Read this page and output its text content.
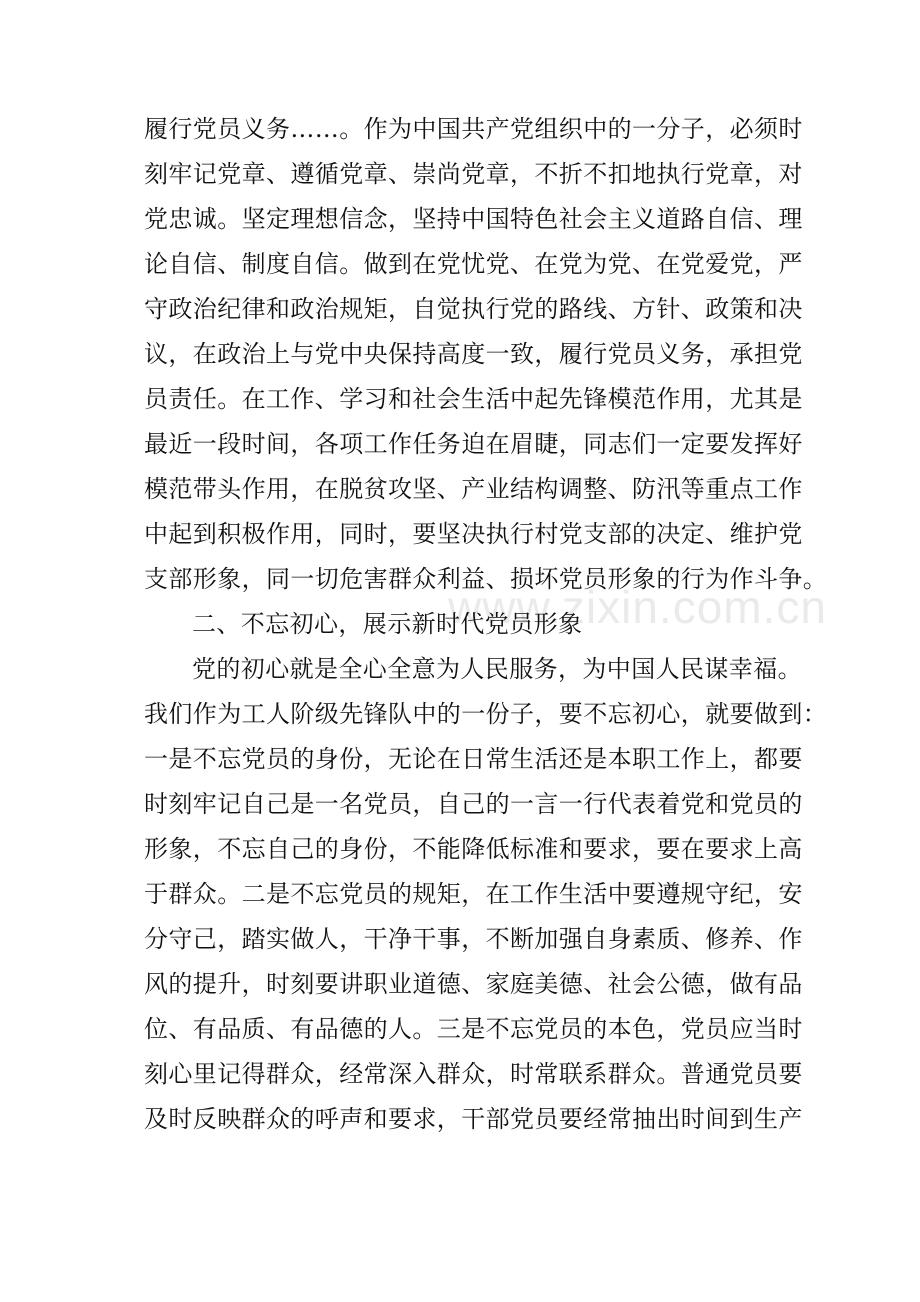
www.zixin.com.cn
履行党员义务……。作为中国共产党组织中的一分子，必须时
刻牢记党章、遵循党章、崇尚党章，不折不扣地执行党章，对
党忠诚。坚定理想信念，坚持中国特色社会主义道路自信、理
论自信、制度自信。做到在党忧党、在党为党、在党爱党，严
守政治纪律和政治规矩，自觉执行党的路线、方针、政策和决
议，在政治上与党中央保持高度一致，履行党员义务，承担党
员责任。在工作、学习和社会生活中起先锋模范作用，尤其是
最近一段时间，各项工作任务迫在眉睫，同志们一定要发挥好
模范带头作用，在脱贫攻坚、产业结构调整、防汛等重点工作
中起到积极作用，同时，要坚决执行村党支部的决定、维护党
支部形象，同一切危害群众利益、损坏党员形象的行为作斗争。
二、不忘初心，展示新时代党员形象
党的初心就是全心全意为人民服务，为中国人民谋幸福。
我们作为工人阶级先锋队中的一份子，要不忘初心，就要做到：
一是不忘党员的身份，无论在日常生活还是本职工作上，都要
时刻牢记自己是一名党员，自己的一言一行代表着党和党员的
形象，不忘自己的身份，不能降低标准和要求，要在要求上高
于群众。二是不忘党员的规矩，在工作生活中要遵规守纪，安
分守己，踏实做人，干净干事，不断加强自身素质、修养、作
风的提升，时刻要讲职业道德、家庭美德、社会公德，做有品
位、有品质、有品德的人。三是不忘党员的本色，党员应当时
刻心里记得群众，经常深入群众，时常联系群众。普通党员要
及时反映群众的呼声和要求，干部党员要经常抽出时间到生产
